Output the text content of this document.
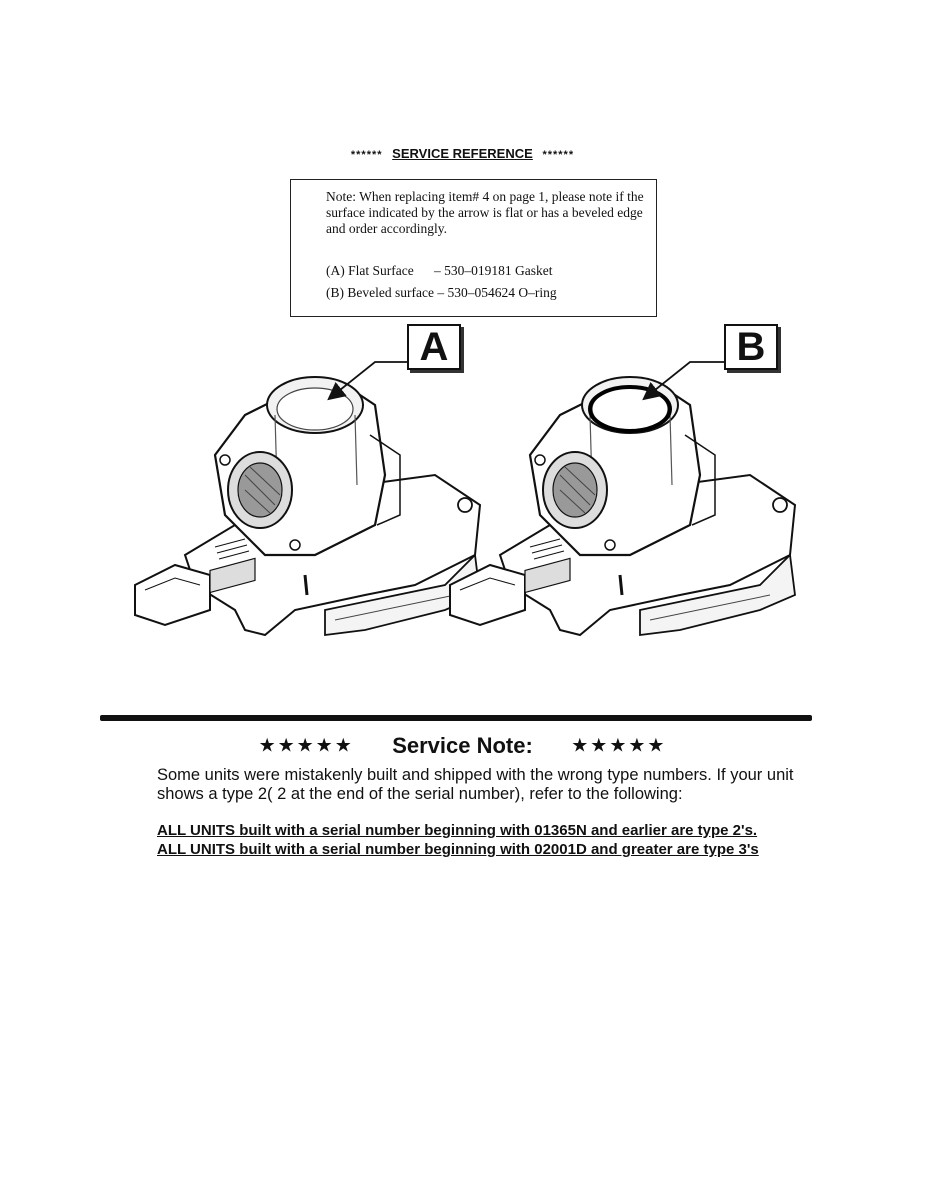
****** SERVICE REFERENCE ******
Note: When replacing item# 4 on page 1, please note if the surface indicated by the arrow is flat or has a beveled edge and order accordingly.
(A) Flat Surface      – 530–019181 Gasket
(B) Beveled surface – 530–054624 O–ring
A	B
★★★★★ Service Note: ★★★★★
Some units were mistakenly built and shipped with the wrong type numbers. If your unit shows a type 2( 2 at the end of the serial number), refer to the following:
ALL UNITS built with a serial number beginning with 01365N and earlier are type 2's.
ALL UNITS built with a serial number beginning with 02001D and greater are type 3's
